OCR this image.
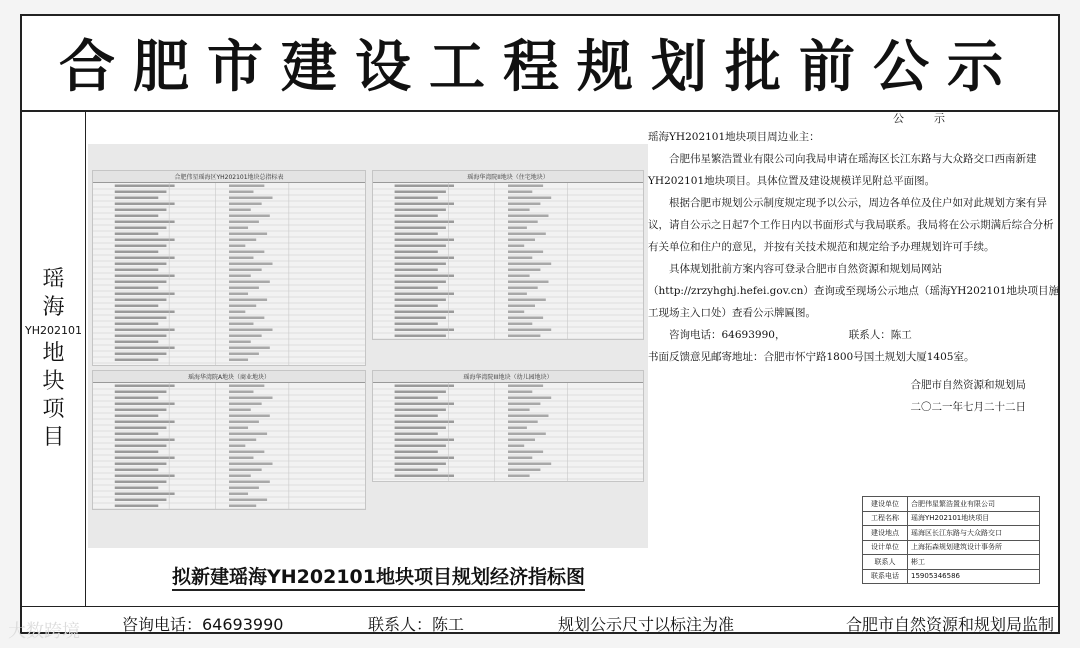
合肥市建设工程规划批前公示
瑶
海
YH202101
地
块
项
目
合肥伟星瑶海区YH202101地块总指标表	瑶海华湾院II地块（住宅地块）
瑶海华湾院A地块（商业地块）	瑶海华湾院III地块（幼儿园地块）
拟新建瑶海YH202101地块项目规划经济指标图

公示

瑶海YH202101地块项目周边业主：

合肥伟星繁浩置业有限公司向我局申请在瑶海区长江东路与大众路交口西南新建YH202101地块项目。具体位置及建设规模详见附总平面图。

根据合肥市规划公示制度规定现予以公示，周边各单位及住户如对此规划方案有异议，请自公示之日起7个工作日内以书面形式与我局联系。我局将在公示期满后综合分析有关单位和住户的意见，并按有关技术规范和规定给予办理规划许可手续。

具体规划批前方案内容可登录合肥市自然资源和规划局网站（http://zrzyhghj.hefei.gov.cn）查询或至现场公示地点（瑶海YH202101地块项目施工现场主入口处）查看公示牌匾图。

咨询电话：64693990，	联系人：陈工

书面反馈意见邮寄地址：合肥市怀宁路1800号国土规划大厦1405室。

合肥市自然资源和规划局

二〇二一年七月二十二日

建设单位	合肥伟星繁浩置业有限公司
工程名称	瑶海YH202101地块项目
建设地点	瑶海区长江东路与大众路交口
设计单位	上海拓森规划建筑设计事务所
联系人	彬工
联系电话	15905346586
咨询电话：64693990	联系人：陈工	规划公示尺寸以标注为准	合肥市自然资源和规划局监制
大数跨境
